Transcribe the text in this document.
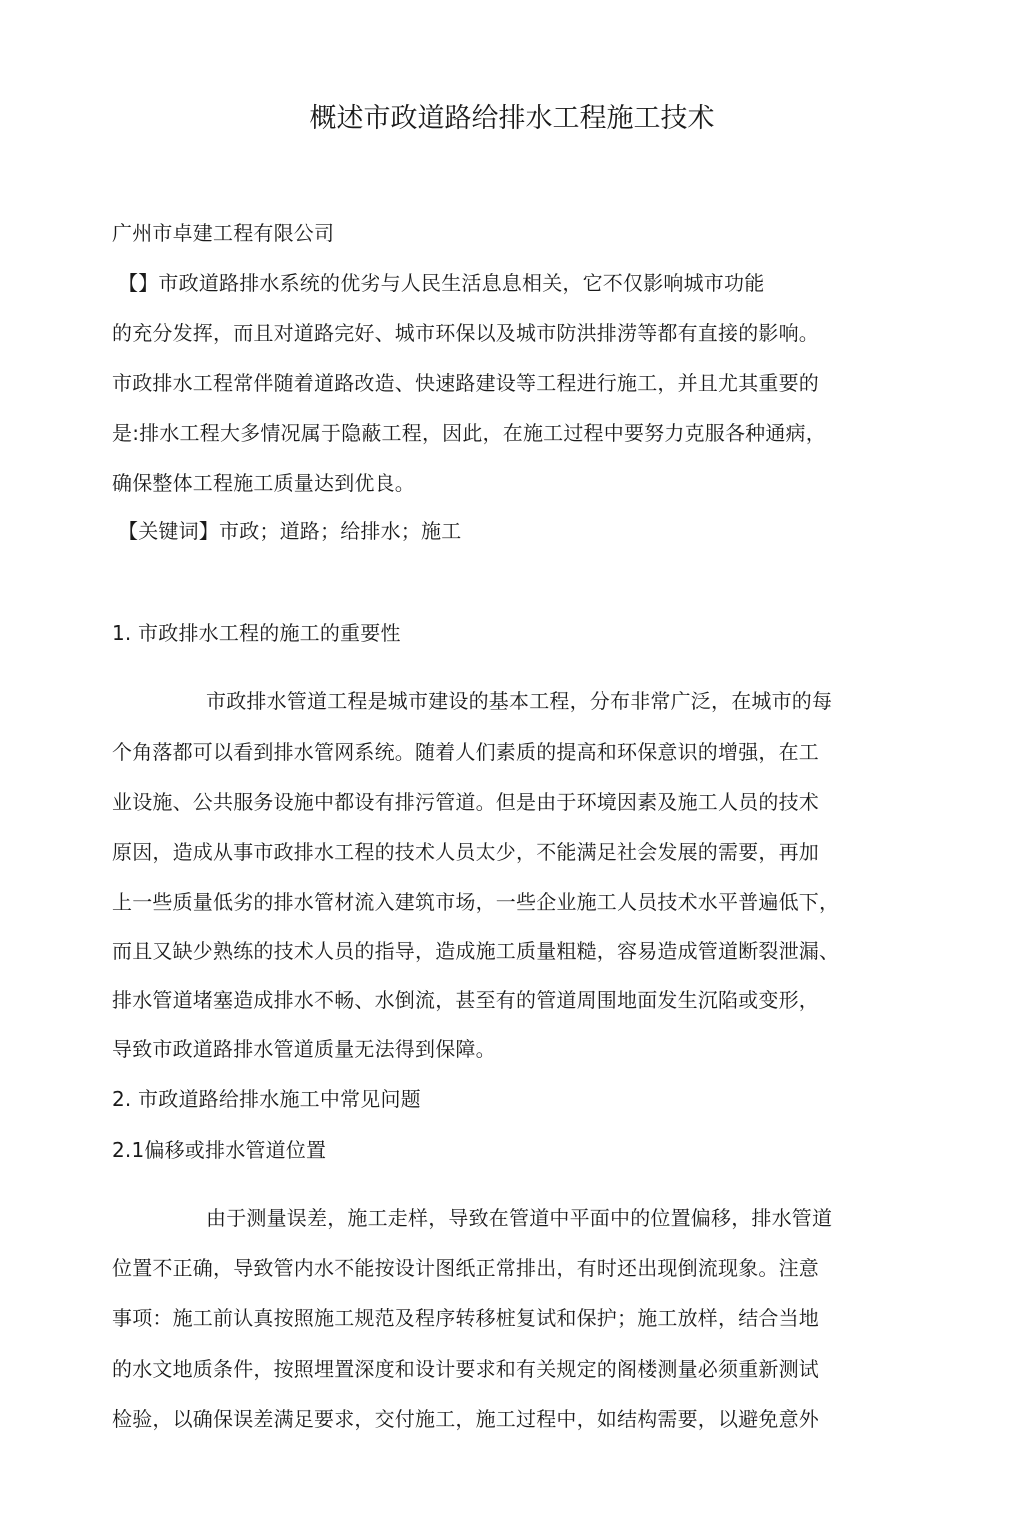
概述市政道路给排水工程施工技术
广州市卓建工程有限公司
【】市政道路排水系统的优劣与人民生活息息相关，它不仅影响城市功能
的充分发挥，而且对道路完好、城市环保以及城市防洪排涝等都有直接的影响。
市政排水工程常伴随着道路改造、快速路建设等工程进行施工，并且尤其重要的
是:排水工程大多情况属于隐蔽工程，因此，在施工过程中要努力克服各种通病，
确保整体工程施工质量达到优良。
【关键词】市政；道路；给排水；施工
1. 市政排水工程的施工的重要性
市政排水管道工程是城市建设的基本工程，分布非常广泛，在城市的每
个角落都可以看到排水管网系统。随着人们素质的提高和环保意识的增强，在工
业设施、公共服务设施中都设有排污管道。但是由于环境因素及施工人员的技术
原因，造成从事市政排水工程的技术人员太少，不能满足社会发展的需要，再加
上一些质量低劣的排水管材流入建筑市场，一些企业施工人员技术水平普遍低下，
而且又缺少熟练的技术人员的指导，造成施工质量粗糙，容易造成管道断裂泄漏、
排水管道堵塞造成排水不畅、水倒流，甚至有的管道周围地面发生沉陷或变形，
导致市政道路排水管道质量无法得到保障。
2. 市政道路给排水施工中常见问题
2.1偏移或排水管道位置
由于测量误差，施工走样，导致在管道中平面中的位置偏移，排水管道
位置不正确，导致管内水不能按设计图纸正常排出，有时还出现倒流现象。注意
事项：施工前认真按照施工规范及程序转移桩复试和保护；施工放样，结合当地
的水文地质条件，按照埋置深度和设计要求和有关规定的阁楼测量必须重新测试
检验，以确保误差满足要求，交付施工，施工过程中，如结构需要，以避免意外
